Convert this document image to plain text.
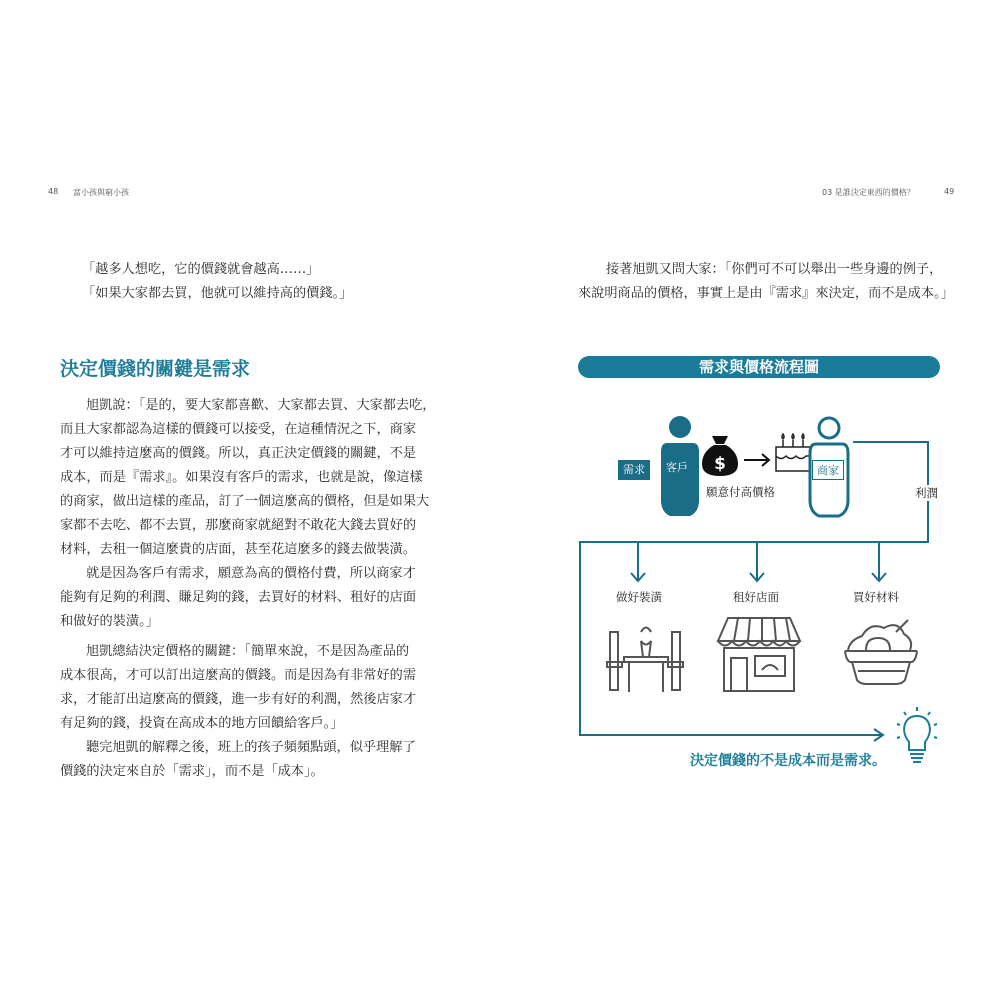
48 富小孩與窮小孩	03 是誰決定東西的價格？	49

「越多人想吃，它的價錢就會越高……」

「如果大家都去買，他就可以維持高的價錢。」

決定價錢的關鍵是需求

旭凱說：「是的，要大家都喜歡、大家都去買、大家都去吃，

而且大家都認為這樣的價錢可以接受，在這種情況之下，商家

才可以維持這麼高的價錢。所以，真正決定價錢的關鍵，不是

成本，而是『需求』。如果沒有客戶的需求，也就是說，像這樣

的商家，做出這樣的產品，訂了一個這麼高的價格，但是如果大

家都不去吃、都不去買，那麼商家就絕對不敢花大錢去買好的

材料，去租一個這麼貴的店面，甚至花這麼多的錢去做裝潢。

就是因為客戶有需求，願意為高的價格付費，所以商家才

能夠有足夠的利潤、賺足夠的錢，去買好的材料、租好的店面

和做好的裝潢。」

旭凱總結決定價格的關鍵：「簡單來說，不是因為產品的

成本很高，才可以訂出這麼高的價錢。而是因為有非常好的需

求，才能訂出這麼高的價錢，進一步有好的利潤，然後店家才

有足夠的錢，投資在高成本的地方回饋給客戶。」

聽完旭凱的解釋之後，班上的孩子頻頻點頭，似乎理解了

價錢的決定來自於「需求」，而不是「成本」。

接著旭凱又問大家：「你們可不可以舉出一些身邊的例子，

來說明商品的價格，事實上是由『需求』來決定，而不是成本。」

需求與價格流程圖
$
需求	客戶
願意付高價格
商家
利潤
做好裝潢	租好店面	買好材料
決定價錢的不是成本而是需求。
